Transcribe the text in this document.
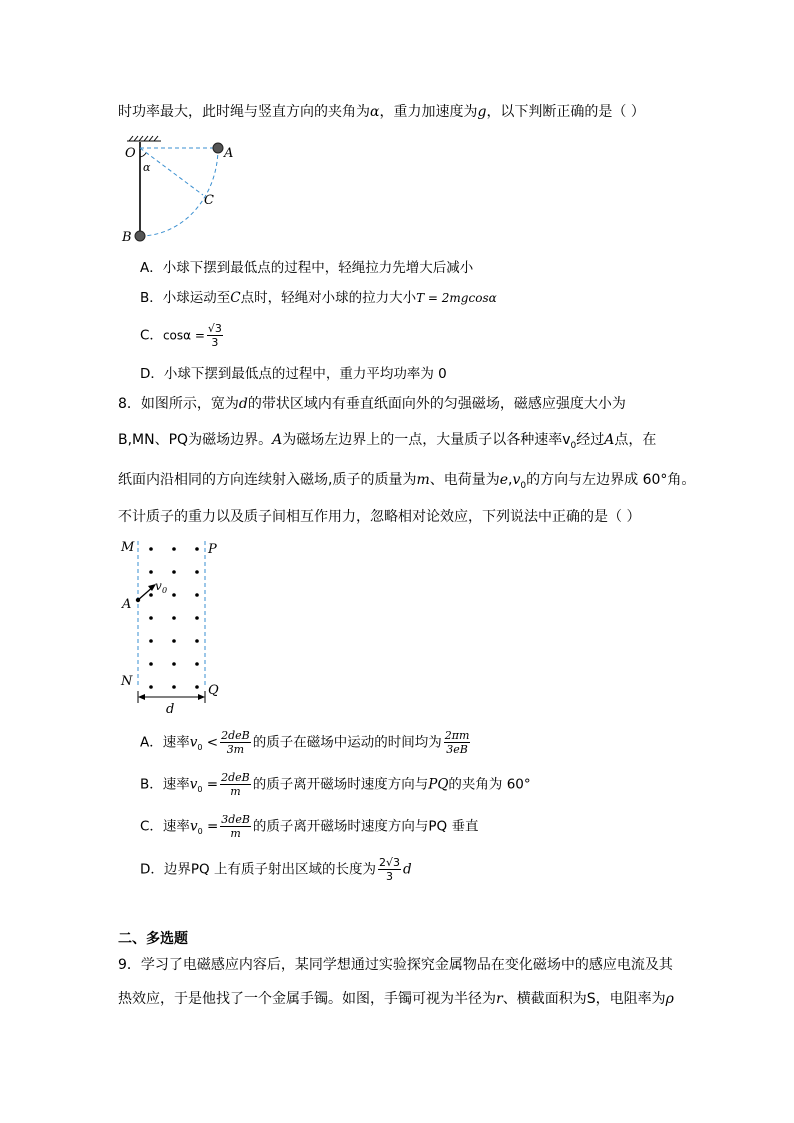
时功率最大，此时绳与竖直方向的夹角为α，重力加速度为g，以下判断正确的是（ ）
O	A
C
B
α
A．小球下摆到最低点的过程中，轻绳拉力先增大后减小
B．小球运动至C点时，轻绳对小球的拉力大小T = 2mgcosα
C．$\cos\alpha = \frac{√3}{3}$
D．小球下摆到最低点的过程中，重力平均功率为 0
8．如图所示，宽为d的带状区域内有垂直纸面向外的匀强磁场，磁感应强度大小为
B,MN、PQ为磁场边界。A为磁场左边界上的一点，大量质子以各种速率$v_0$经过A点，在
纸面内沿相同的方向连续射入磁场,质子的质量为m、电荷量为$e,v_0$的方向与左边界成 60°角。
不计质子的重力以及质子间相互作用力，忽略相对论效应，下列说法中正确的是（ ）
M	P
A
v 0
N
Q
d
A．速率$v_0 < \frac{\text{2deB}}{3m}$ 的质子在磁场中运动的时间均为 $\frac{2\pi m}{3eB}$
B．速率$v_0 = \frac{\text{2deB}}{m}$ 的质子离开磁场时速度方向与PQ的夹角为 60°
C．速率$v_0 = \frac{\text{3deB}}{m}$ 的质子离开磁场时速度方向与PQ 垂直
D．边界PQ 上有质子射出区域的长度为 $\frac{2√3}{3}$ d
二、多选题
9．学习了电磁感应内容后，某同学想通过实验探究金属物品在变化磁场中的感应电流及其
热效应，于是他找了一个金属手镯。如图，手镯可视为半径为r、横截面积为S，电阻率为ρ
